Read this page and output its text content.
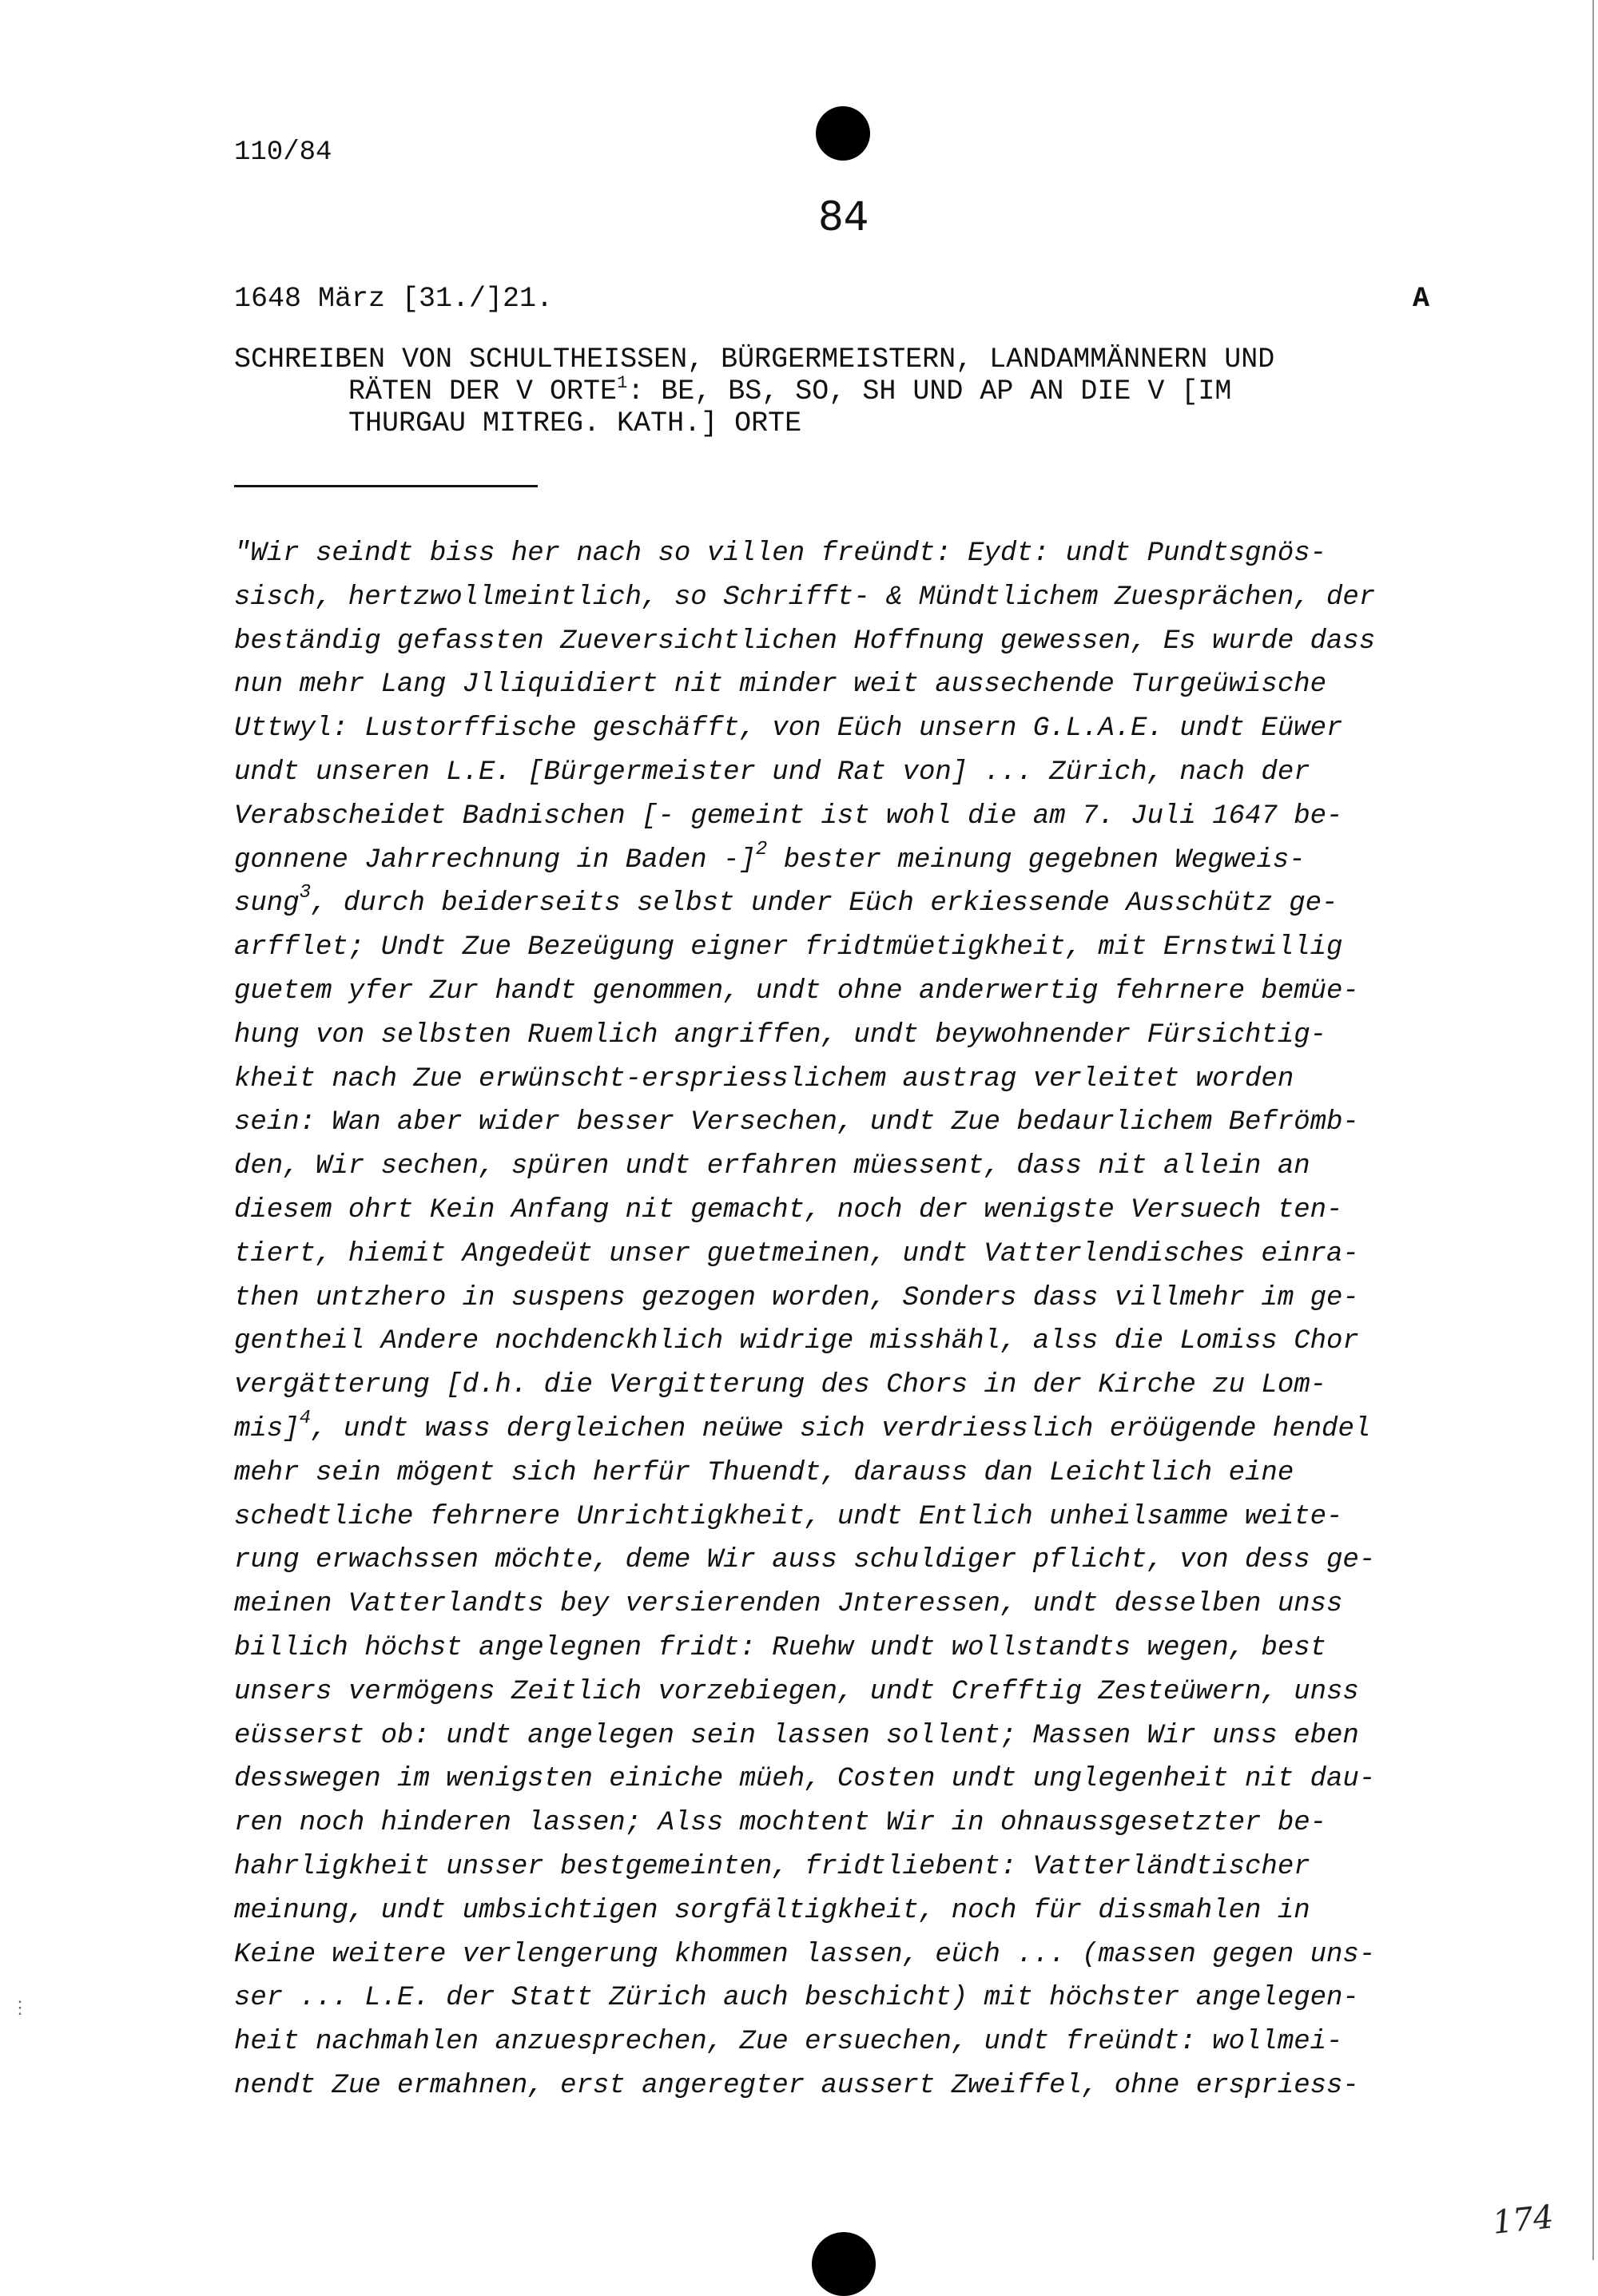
110/84
84
1648 März [31./]21.	A
SCHREIBEN VON SCHULTHEISSEN, BÜRGERMEISTERN, LANDAMMÄNNERN UND
RÄTEN DER V ORTE$^1$: BE, BS, SO, SH UND AP AN DIE V [IM
THURGAU MITREG. KATH.] ORTE
"Wir seindt biss her nach so villen freündt: Eydt: undt Pundtsgnös-
sisch, hertzwollmeintlich, so Schrifft- & Mündtlichem Zuesprächen, der
beständig gefassten Zueversichtlichen Hoffnung gewessen, Es wurde dass
nun mehr Lang Jlliquidiert nit minder weit aussechende Turgeüwische
Uttwyl: Lustorffische geschäfft, von Eüch unsern G.L.A.E. undt Eüwer
undt unseren L.E. [Bürgermeister und Rat von] ... Zürich, nach der
Verabscheidet Badnischen [- gemeint ist wohl die am 7. Juli 1647 be-
gonnene Jahrrechnung in Baden -]$^2$ bester meinung gegebnen Wegweis-
sung$^3$, durch beiderseits selbst under Eüch erkiessende Ausschütz ge-
arfflet; Undt Zue Bezeügung eigner fridtmüetigkheit, mit Ernstwillig
guetem yfer Zur handt genommen, undt ohne anderwertig fehrnere bemüe-
hung von selbsten Ruemlich angriffen, undt beywohnender Fürsichtig-
kheit nach Zue erwünscht-erspriesslichem austrag verleitet worden
sein: Wan aber wider besser Versechen, undt Zue bedaurlichem Befrömb-
den, Wir sechen, spüren undt erfahren müessent, dass nit allein an
diesem ohrt Kein Anfang nit gemacht, noch der wenigste Versuech ten-
tiert, hiemit Angedeüt unser guetmeinen, undt Vatterlendisches einra-
then untzhero in suspens gezogen worden, Sonders dass villmehr im ge-
gentheil Andere nochdenckhlich widrige misshähl, alss die Lomiss Chor
vergätterung [d.h. die Vergitterung des Chors in der Kirche zu Lom-
mis]$^4$, undt wass dergleichen neüwe sich verdriesslich eröügende hendel
mehr sein mögent sich herfür Thuendt, darauss dan Leichtlich eine
schedtliche fehrnere Unrichtigkheit, undt Entlich unheilsamme weite-
rung erwachssen möchte, deme Wir auss schuldiger pflicht, von dess ge-
meinen Vatterlandts bey versierenden Jnteressen, undt desselben unss
billich höchst angelegnen fridt: Ruehw undt wollstandts wegen, best
unsers vermögens Zeitlich vorzebiegen, undt Crefftig Zesteüwern, unss
eüsserst ob: undt angelegen sein lassen sollent; Massen Wir unss eben
desswegen im wenigsten einiche müeh, Costen undt unglegenheit nit dau-
ren noch hinderen lassen; Alss mochtent Wir in ohnaussgesetzter be-
hahrligkheit unsser bestgemeinten, fridtliebent: Vatterländtischer
meinung, undt umbsichtigen sorgfältigkheit, noch für dissmahlen in
Keine weitere verlengerung khommen lassen, eüch ... (massen gegen uns-
ser ... L.E. der Statt Zürich auch beschicht) mit höchster angelegen-
heit nachmahlen anzuesprechen, Zue ersuechen, undt freündt: wollmei-
nendt Zue ermahnen, erst angeregter aussert Zweiffel, ohne erspriess-
⋮
174
